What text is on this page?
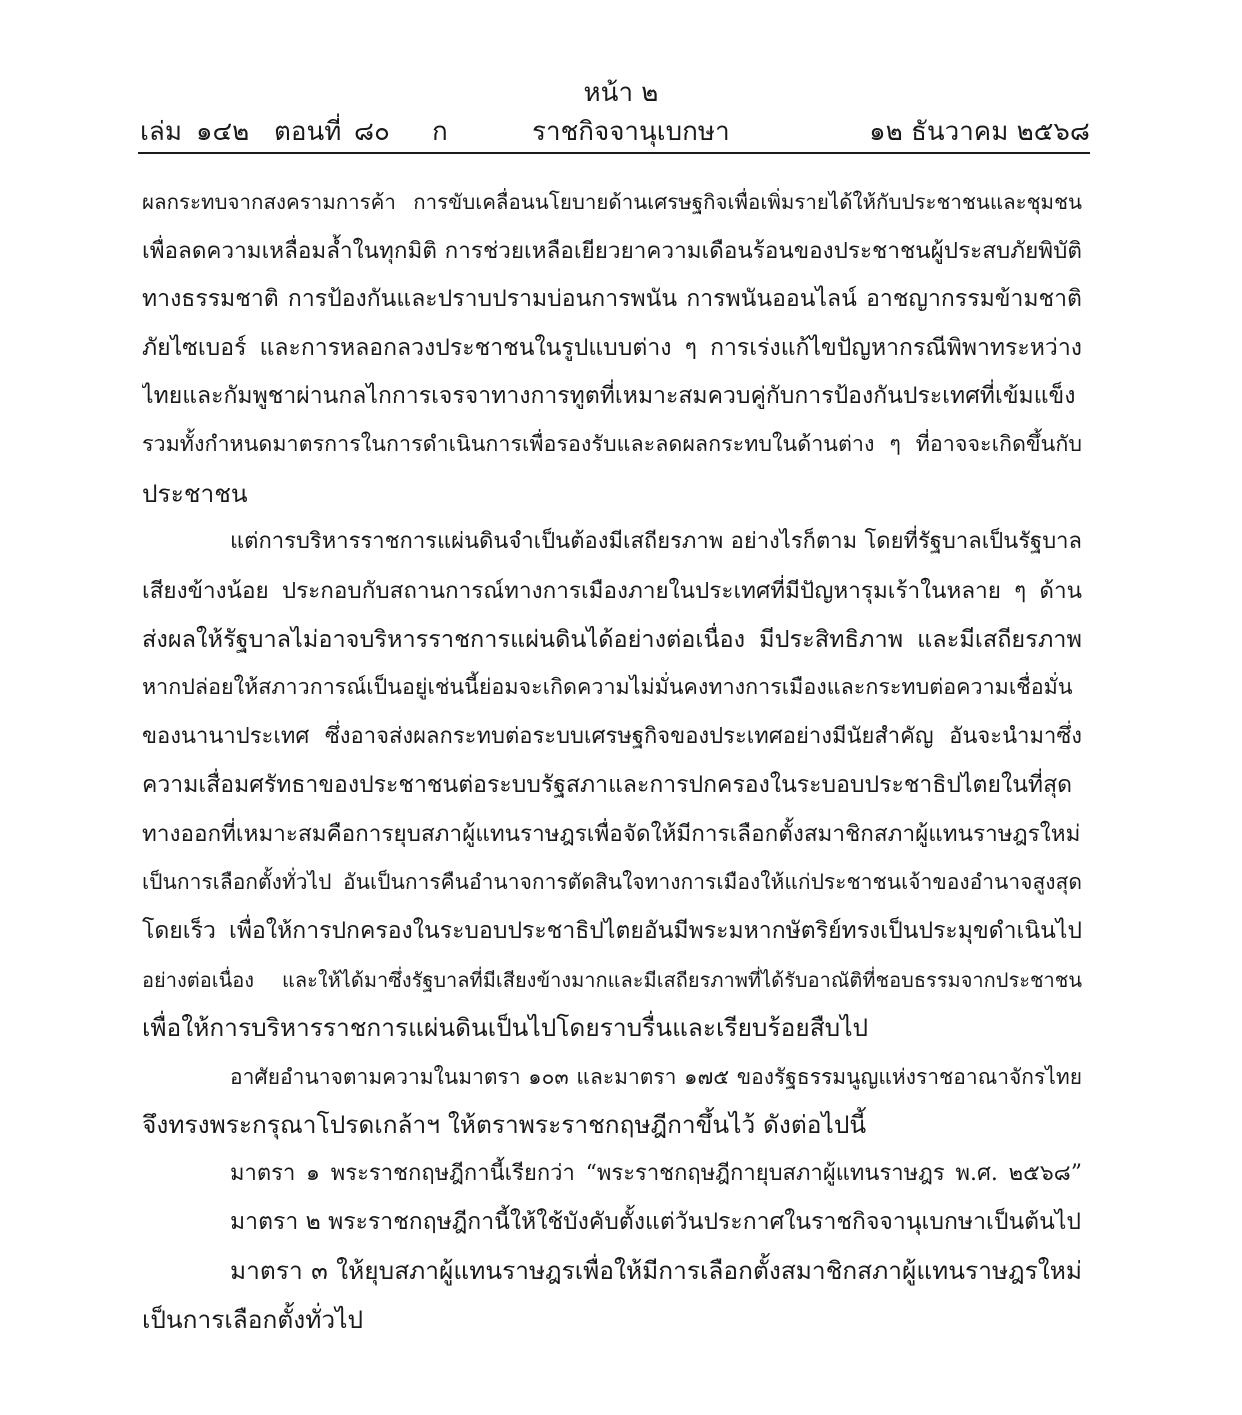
หน้า ๒
เล่ม ๑๔๒ ตอนที่ ๘๐ ก	ราชกิจจานุเบกษา	๑๒ ธันวาคม ๒๕๖๘
ผลกระทบจากสงครามการค้า การขับเคลื่อนนโยบายด้านเศรษฐกิจเพื่อเพิ่มรายได้ให้กับประชาชนและชุมชน
เพื่อลดความเหลื่อมล้ำในทุกมิติ การช่วยเหลือเยียวยาความเดือนร้อนของประชาชนผู้ประสบภัยพิบัติ
ทางธรรมชาติ การป้องกันและปราบปรามบ่อนการพนัน การพนันออนไลน์ อาชญากรรมข้ามชาติ
ภัยไซเบอร์ และการหลอกลวงประชาชนในรูปแบบต่าง ๆ การเร่งแก้ไขปัญหากรณีพิพาทระหว่าง
ไทยและกัมพูชาผ่านกลไกการเจรจาทางการทูตที่เหมาะสมควบคู่กับการป้องกันประเทศที่เข้มแข็ง
รวมทั้งกำหนดมาตรการในการดำเนินการเพื่อรองรับและลดผลกระทบในด้านต่าง ๆ ที่อาจจะเกิดขึ้นกับ
ประชาชน
แต่การบริหารราชการแผ่นดินจำเป็นต้องมีเสถียรภาพ อย่างไรก็ตาม โดยที่รัฐบาลเป็นรัฐบาล
เสียงข้างน้อย ประกอบกับสถานการณ์ทางการเมืองภายในประเทศที่มีปัญหารุมเร้าในหลาย ๆ ด้าน
ส่งผลให้รัฐบาลไม่อาจบริหารราชการแผ่นดินได้อย่างต่อเนื่อง มีประสิทธิภาพ และมีเสถียรภาพ
หากปล่อยให้สภาวการณ์เป็นอยู่เช่นนี้ย่อมจะเกิดความไม่มั่นคงทางการเมืองและกระทบต่อความเชื่อมั่น
ของนานาประเทศ ซึ่งอาจส่งผลกระทบต่อระบบเศรษฐกิจของประเทศอย่างมีนัยสำคัญ อันจะนำมาซึ่ง
ความเสื่อมศรัทธาของประชาชนต่อระบบรัฐสภาและการปกครองในระบอบประชาธิปไตยในที่สุด
ทางออกที่เหมาะสมคือการยุบสภาผู้แทนราษฎรเพื่อจัดให้มีการเลือกตั้งสมาชิกสภาผู้แทนราษฎรใหม่
เป็นการเลือกตั้งทั่วไป อันเป็นการคืนอำนาจการตัดสินใจทางการเมืองให้แก่ประชาชนเจ้าของอำนาจสูงสุด
โดยเร็ว เพื่อให้การปกครองในระบอบประชาธิปไตยอันมีพระมหากษัตริย์ทรงเป็นประมุขดำเนินไป
อย่างต่อเนื่อง และให้ได้มาซึ่งรัฐบาลที่มีเสียงข้างมากและมีเสถียรภาพที่ได้รับอาณัติที่ชอบธรรมจากประชาชน
เพื่อให้การบริหารราชการแผ่นดินเป็นไปโดยราบรื่นและเรียบร้อยสืบไป
อาศัยอำนาจตามความในมาตรา ๑๐๓ และมาตรา ๑๗๕ ของรัฐธรรมนูญแห่งราชอาณาจักรไทย
จึงทรงพระกรุณาโปรดเกล้าฯ ให้ตราพระราชกฤษฎีกาขึ้นไว้ ดังต่อไปนี้
มาตรา ๑ พระราชกฤษฎีกานี้เรียกว่า “พระราชกฤษฎีกายุบสภาผู้แทนราษฎร พ.ศ. ๒๕๖๘”
มาตรา ๒ พระราชกฤษฎีกานี้ให้ใช้บังคับตั้งแต่วันประกาศในราชกิจจานุเบกษาเป็นต้นไป
มาตรา ๓ ให้ยุบสภาผู้แทนราษฎรเพื่อให้มีการเลือกตั้งสมาชิกสภาผู้แทนราษฎรใหม่
เป็นการเลือกตั้งทั่วไป
